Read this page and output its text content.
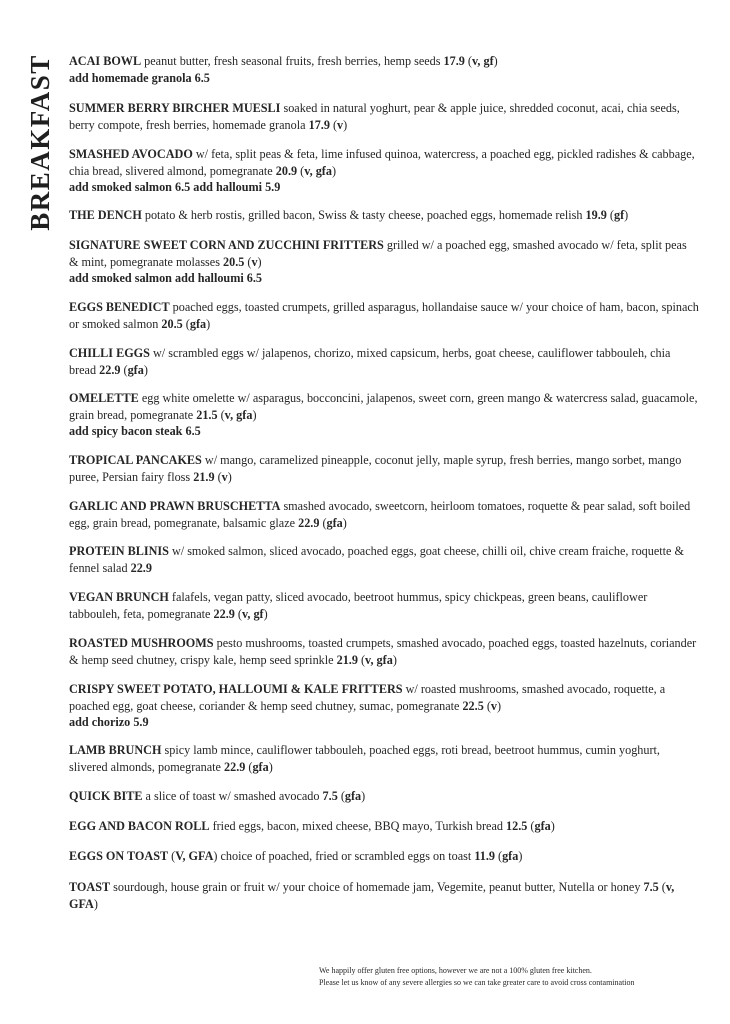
BREAKFAST ACAI BOWL peanut butter, fresh seasonal fruits, fresh berries, hemp seeds 17.9 (v, gf)
add homemade granola 6.5

SUMMER BERRY BIRCHER MUESLI soaked in natural yoghurt, pear & apple juice, shredded coconut, acai, chia seeds, berry compote, fresh berries, homemade granola 17.9 (v)

SMASHED AVOCADO w/ feta, split peas & feta, lime infused quinoa, watercress, a poached egg, pickled radishes & cabbage, chia bread, slivered almond, pomegranate 20.9 (v, gfa)
add smoked salmon 6.5 add halloumi 5.9

THE DENCH potato & herb rostis, grilled bacon, Swiss & tasty cheese, poached eggs, homemade relish 19.9 (gf)

SIGNATURE SWEET CORN AND ZUCCHINI FRITTERS grilled w/ a poached egg, smashed avocado w/ feta, split peas & mint, pomegranate molasses 20.5 (v)
add smoked salmon add halloumi 6.5

EGGS BENEDICT poached eggs, toasted crumpets, grilled asparagus, hollandaise sauce w/ your choice of ham, bacon, spinach or smoked salmon 20.5 (gfa)

CHILLI EGGS w/ scrambled eggs w/ jalapenos, chorizo, mixed capsicum, herbs, goat cheese, cauliflower tabbouleh, chia bread 22.9 (gfa)

OMELETTE egg white omelette w/ asparagus, bocconcini, jalapenos, sweet corn, green mango & watercress salad, guacamole, grain bread, pomegranate 21.5 (v, gfa)
add spicy bacon steak 6.5

TROPICAL PANCAKES w/ mango, caramelized pineapple, coconut jelly, maple syrup, fresh berries, mango sorbet, mango puree, Persian fairy floss 21.9 (v)

GARLIC AND PRAWN BRUSCHETTA smashed avocado, sweetcorn, heirloom tomatoes, roquette & pear salad, soft boiled egg, grain bread, pomegranate, balsamic glaze 22.9 (gfa)

PROTEIN BLINIS w/ smoked salmon, sliced avocado, poached eggs, goat cheese, chilli oil, chive cream fraiche, roquette & fennel salad 22.9

VEGAN BRUNCH falafels, vegan patty, sliced avocado, beetroot hummus, spicy chickpeas, green beans, cauliflower tabbouleh, feta, pomegranate 22.9 (v, gf)

ROASTED MUSHROOMS pesto mushrooms, toasted crumpets, smashed avocado, poached eggs, toasted hazelnuts, coriander & hemp seed chutney, crispy kale, hemp seed sprinkle 21.9 (v, gfa)

CRISPY SWEET POTATO, HALLOUMI & KALE FRITTERS w/ roasted mushrooms, smashed avocado, roquette, a poached egg, goat cheese, coriander & hemp seed chutney, sumac, pomegranate 22.5 (v)
add chorizo 5.9

LAMB BRUNCH spicy lamb mince, cauliflower tabbouleh, poached eggs, roti bread, beetroot hummus, cumin yoghurt, slivered almonds, pomegranate 22.9 (gfa)

QUICK BITE a slice of toast w/ smashed avocado 7.5 (gfa)

EGG AND BACON ROLL fried eggs, bacon, mixed cheese, BBQ mayo, Turkish bread 12.5 (gfa)

EGGS ON TOAST (V, GFA) choice of poached, fried or scrambled eggs on toast 11.9 (gfa)

TOAST sourdough, house grain or fruit w/ your choice of homemade jam, Vegemite, peanut butter, Nutella or honey 7.5 (v, GFA)

We happily offer gluten free options, however we are not a 100% gluten free kitchen.
Please let us know of any severe allergies so we can take greater care to avoid cross contamination
